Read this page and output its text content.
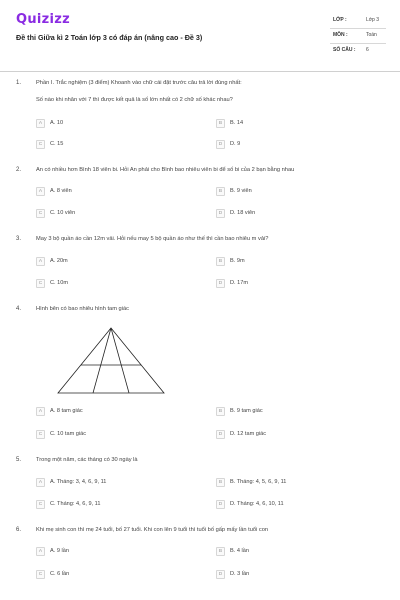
Quizizz
Đề thi Giữa kì 2 Toán lớp 3 có đáp án (nâng cao - Đề 3)
LỚP :	Lớp 3
MÔN :	Toán
SỐ CÂU : 6
1.	Phần I. Trắc nghiệm (3 điểm) Khoanh vào chữ cái đặt trước câu trả lời đúng nhất:
Số nào khi nhân với 7 thì được kết quả là số lớn nhất có 2 chữ số khác nhau?
A	A. 10	B	B. 14
C	C. 15	D	D. 9
2.	An có nhiều hơn Bình 18 viên bi. Hỏi An phải cho Bình bao nhiêu viên bi để số bi của 2 bạn bằng nhau
A	A. 8 viên	B	B. 9 viên
C	C. 10 viên	D	D. 18 viên
3.	May 3 bộ quần áo cần 12m vải. Hỏi nếu may 5 bộ quần áo như thế thì cần bao nhiêu m vải?
A	A. 20m	B	B. 9m
C	C. 10m	D	D. 17m
4.	Hình bên có bao nhiêu hình tam giác
A	A. 8 tam giác	B	B. 9 tam giác
C	C. 10 tam giác	D	D. 12 tam giác
5.	Trong một năm, các tháng có 30 ngày là
A	A. Tháng: 3, 4, 6, 9, 11	B	B. Tháng: 4, 5, 6, 9, 11
C	C. Tháng: 4, 6, 9, 11	D	D. Tháng: 4, 6, 10, 11
6.	Khi mẹ sinh con thì mẹ 24 tuổi, bố 27 tuổi. Khi con lên 9 tuổi thì tuổi bố gấp mấy lần tuổi con
A	A. 9 lần	B	B. 4 lần
C	C. 6 lần	D	D. 3 lần
